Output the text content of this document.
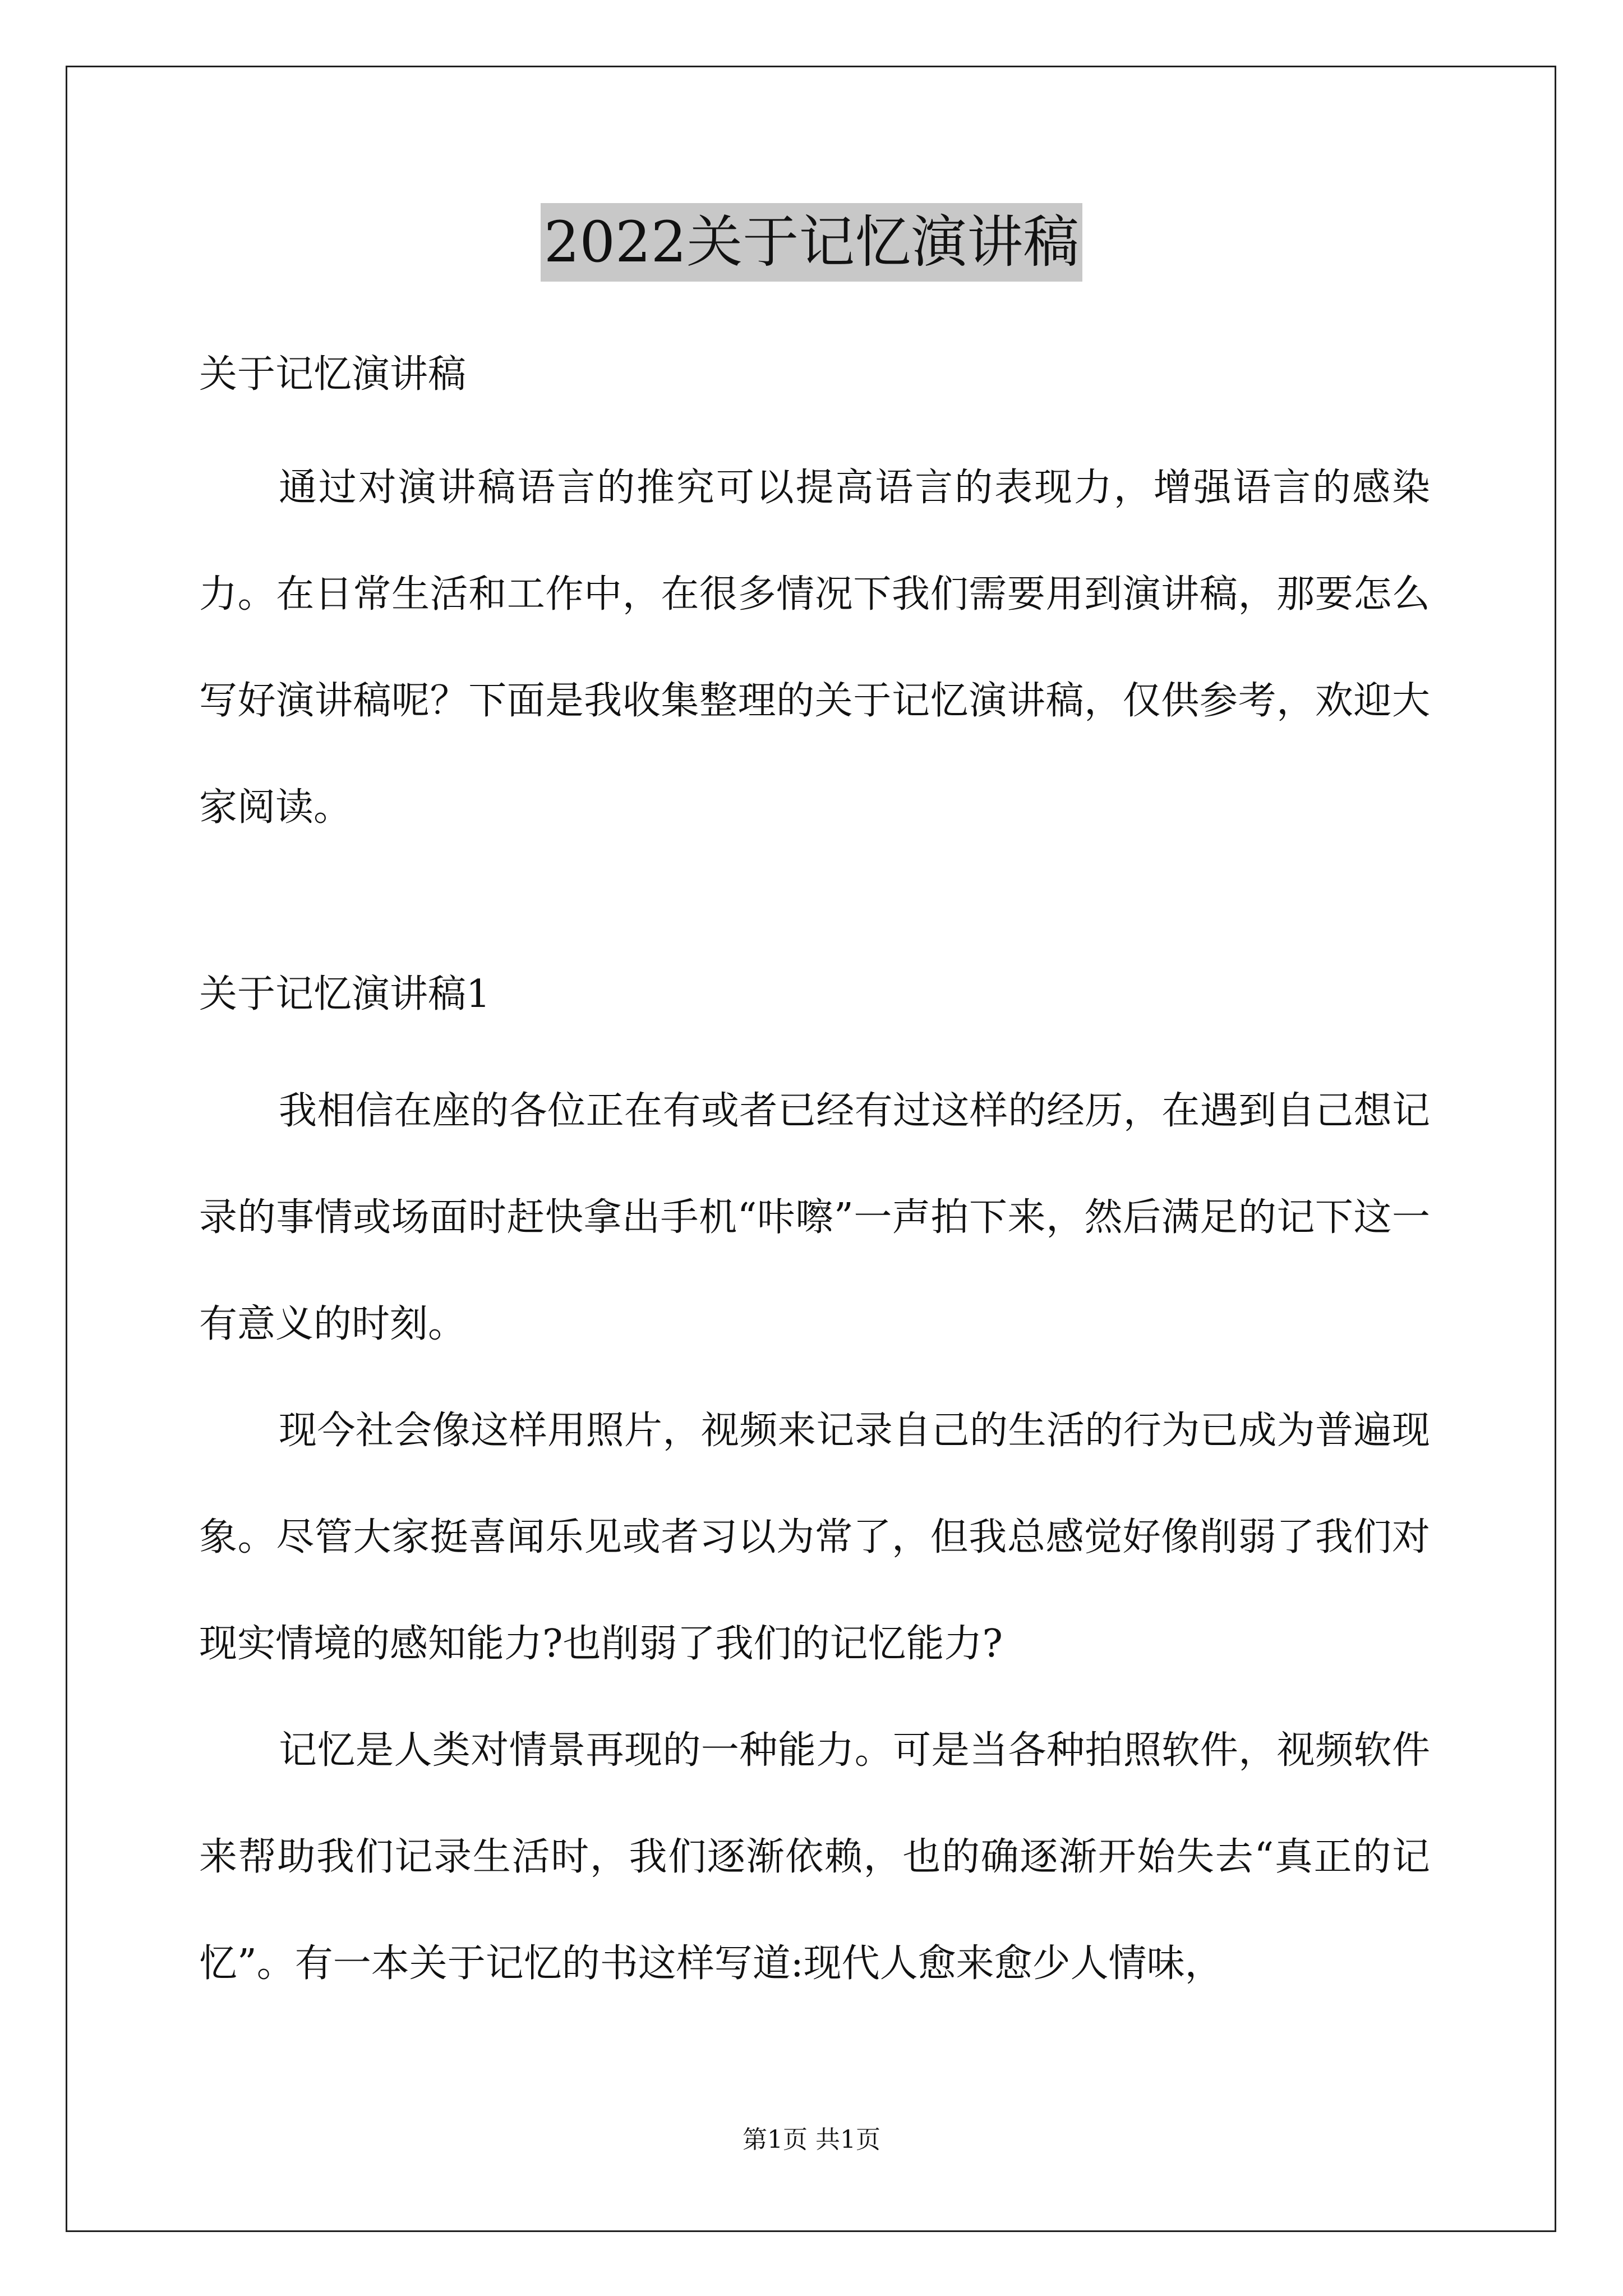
2022关于记忆演讲稿

关于记忆演讲稿

通过对演讲稿语言的推究可以提高语言的表现力，增强语言的感染力。在日常生活和工作中，在很多情况下我们需要用到演讲稿，那要怎么写好演讲稿呢？下面是我收集整理的关于记忆演讲稿，仅供参考，欢迎大家阅读。

关于记忆演讲稿1

我相信在座的各位正在有或者已经有过这样的经历，在遇到自己想记录的事情或场面时赶快拿出手机“咔嚓”一声拍下来，然后满足的记下这一有意义的时刻。

现今社会像这样用照片，视频来记录自己的生活的行为已成为普遍现象。尽管大家挺喜闻乐见或者习以为常了，但我总感觉好像削弱了我们对现实情境的感知能力?也削弱了我们的记忆能力?

记忆是人类对情景再现的一种能力。可是当各种拍照软件，视频软件来帮助我们记录生活时，我们逐渐依赖，也的确逐渐开始失去“真正的记忆”。有一本关于记忆的书这样写道:现代人愈来愈少人情味，

第1页 共1页
